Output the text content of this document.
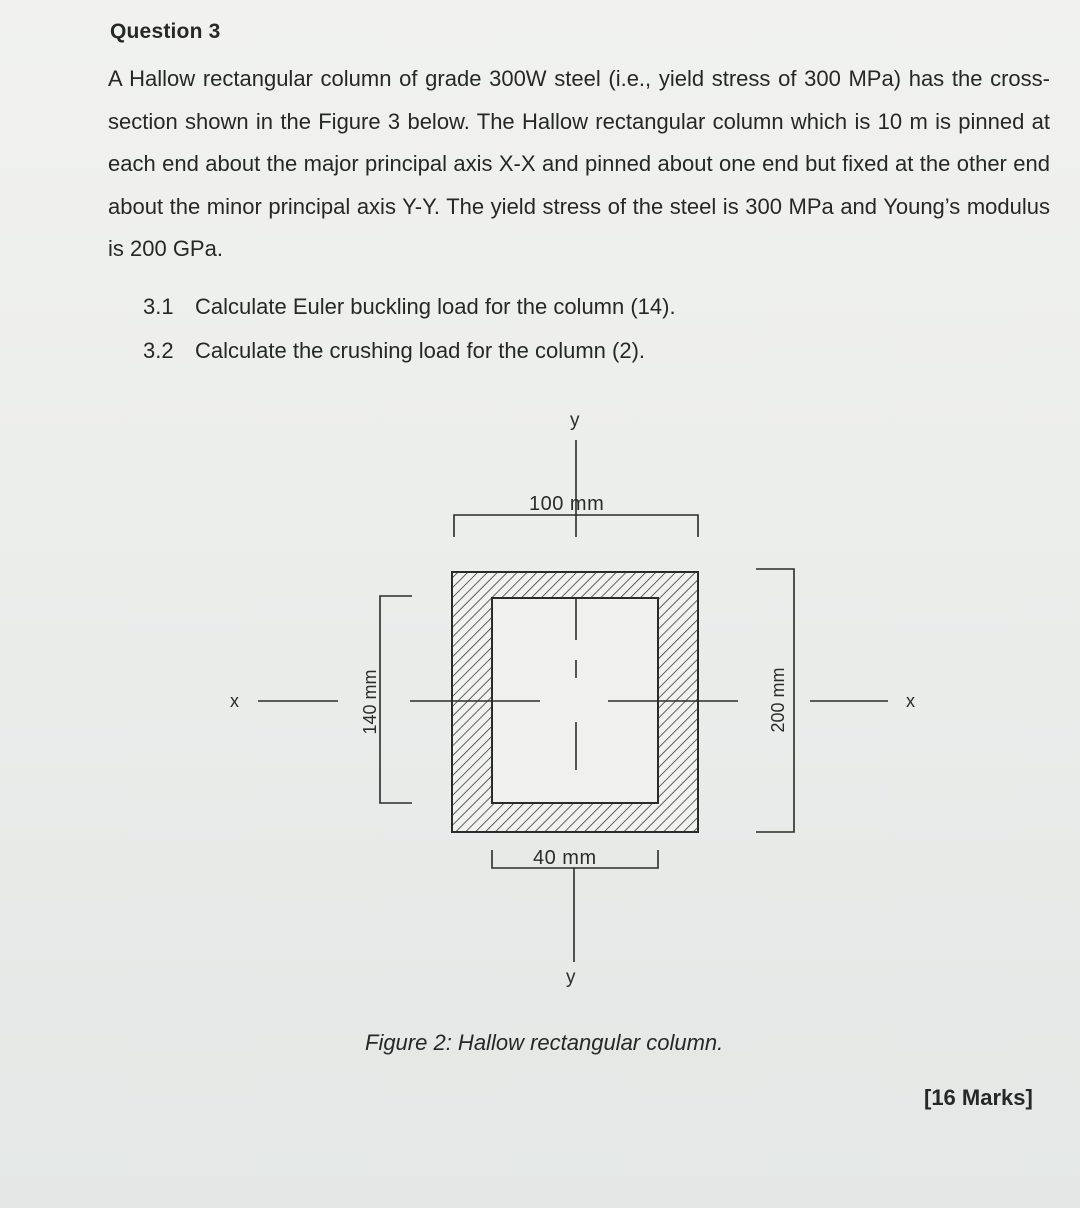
Question 3
A Hallow rectangular column of grade 300W steel (i.e., yield stress of 300 MPa) has the cross-section shown in the Figure 3 below. The Hallow rectangular column which is 10 m is pinned at each end about the major principal axis X-X and pinned about one end but fixed at the other end about the minor principal axis Y-Y. The yield stress of the steel is 300 MPa and Young’s modulus is 200 GPa.
3.1 Calculate Euler buckling load for the column (14).
3.2 Calculate the crushing load for the column (2).
y
y
x	x
100 mm
40 mm
140 mm	200 mm
Figure 2: Hallow rectangular column.
[16 Marks]
